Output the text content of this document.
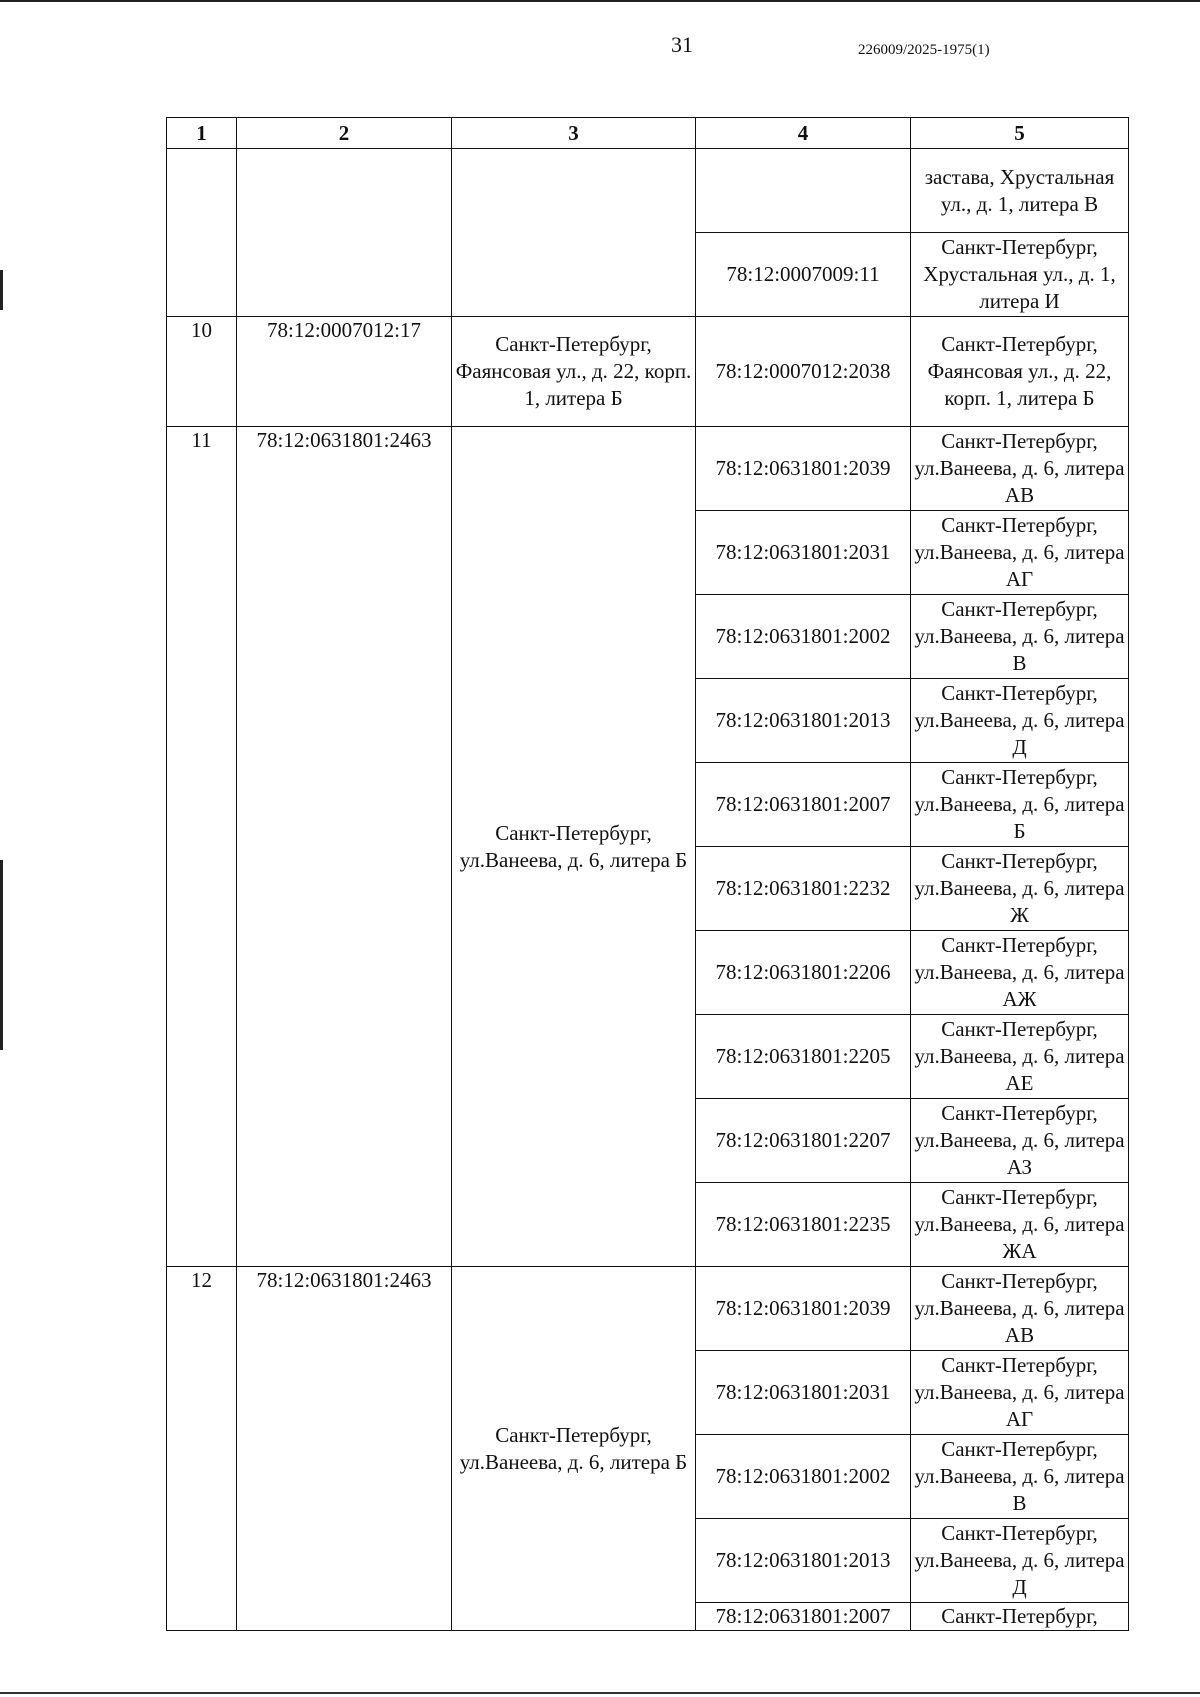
31	226009/2025-1975(1)
1	2	3	4	5
				застава, Хрустальная ул., д. 1, литера В
			78:12:0007009:11	Санкт-Петербург, Хрустальная ул., д. 1, литера И
10	78:12:0007012:17	Санкт-Петербург, Фаянсовая ул., д. 22, корп. 1, литера Б	78:12:0007012:2038	Санкт-Петербург, Фаянсовая ул., д. 22, корп. 1, литера Б
11	78:12:0631801:2463	Санкт-Петербург, ул.Ванеева, д. 6, литера Б	78:12:0631801:2039	Санкт-Петербург, ул.Ванеева, д. 6, литера АВ
			78:12:0631801:2031	Санкт-Петербург, ул.Ванеева, д. 6, литера АГ
			78:12:0631801:2002	Санкт-Петербург, ул.Ванеева, д. 6, литера В
			78:12:0631801:2013	Санкт-Петербург, ул.Ванеева, д. 6, литера Д
			78:12:0631801:2007	Санкт-Петербург, ул.Ванеева, д. 6, литера Б
			78:12:0631801:2232	Санкт-Петербург, ул.Ванеева, д. 6, литера Ж
			78:12:0631801:2206	Санкт-Петербург, ул.Ванеева, д. 6, литера АЖ
			78:12:0631801:2205	Санкт-Петербург, ул.Ванеева, д. 6, литера АЕ
			78:12:0631801:2207	Санкт-Петербург, ул.Ванеева, д. 6, литера АЗ
			78:12:0631801:2235	Санкт-Петербург, ул.Ванеева, д. 6, литера ЖА
12	78:12:0631801:2463	Санкт-Петербург, ул.Ванеева, д. 6, литера Б	78:12:0631801:2039	Санкт-Петербург, ул.Ванеева, д. 6, литера АВ
			78:12:0631801:2031	Санкт-Петербург, ул.Ванеева, д. 6, литера АГ
			78:12:0631801:2002	Санкт-Петербург, ул.Ванеева, д. 6, литера В
			78:12:0631801:2013	Санкт-Петербург, ул.Ванеева, д. 6, литера Д
			78:12:0631801:2007	Санкт-Петербург,
